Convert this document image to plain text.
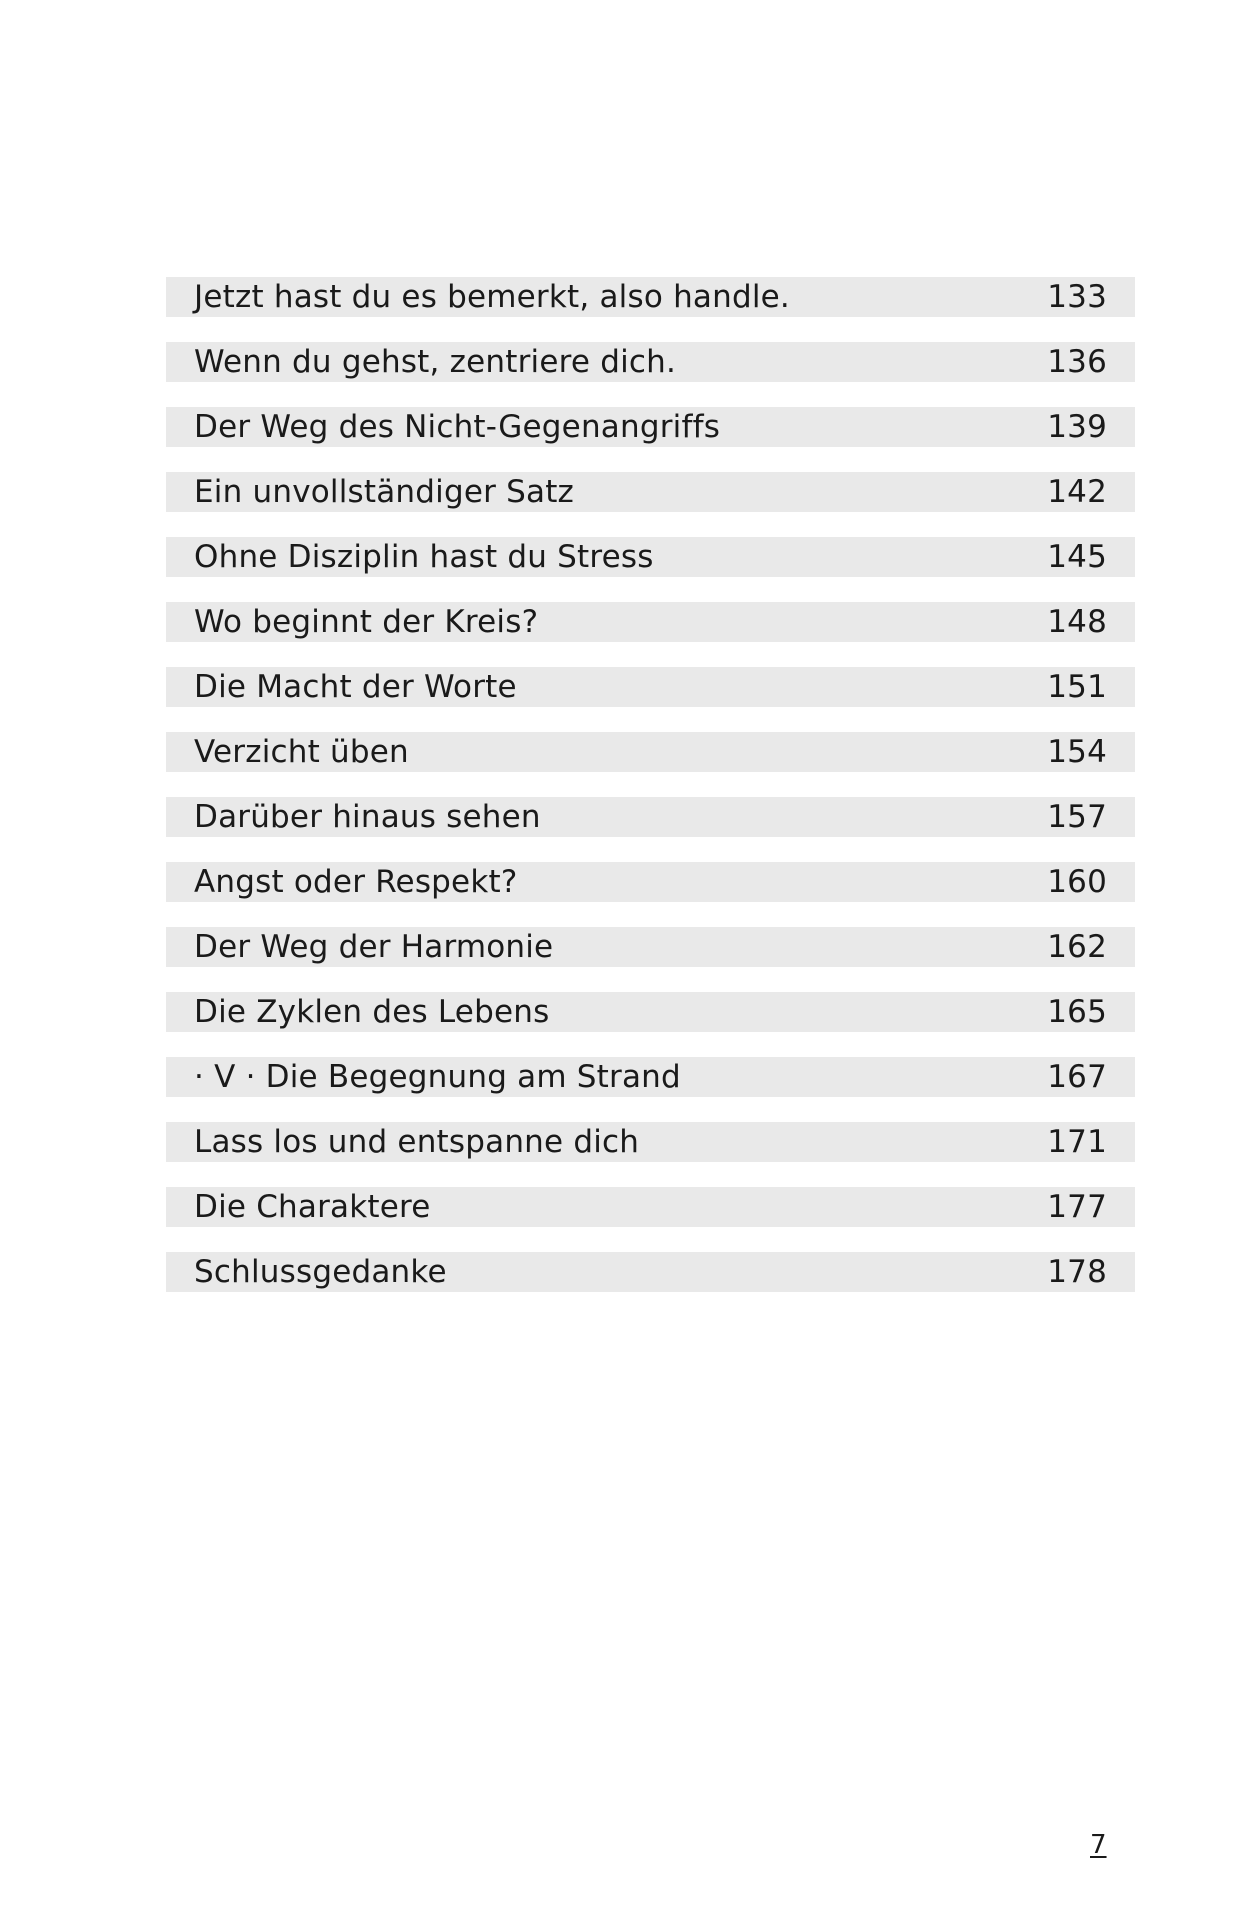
Jetzt hast du es bemerkt, also handle.	133
Wenn du gehst, zentriere dich.	136
Der Weg des Nicht-Gegenangriffs	139
Ein unvollständiger Satz	142
Ohne Disziplin hast du Stress	145
Wo beginnt der Kreis?	148
Die Macht der Worte	151
Verzicht üben	154
Darüber hinaus sehen	157
Angst oder Respekt?	160
Der Weg der Harmonie	162
Die Zyklen des Lebens	165
· V · Die Begegnung am Strand	167
Lass los und entspanne dich	171
Die Charaktere	177
Schlussgedanke	178
7
